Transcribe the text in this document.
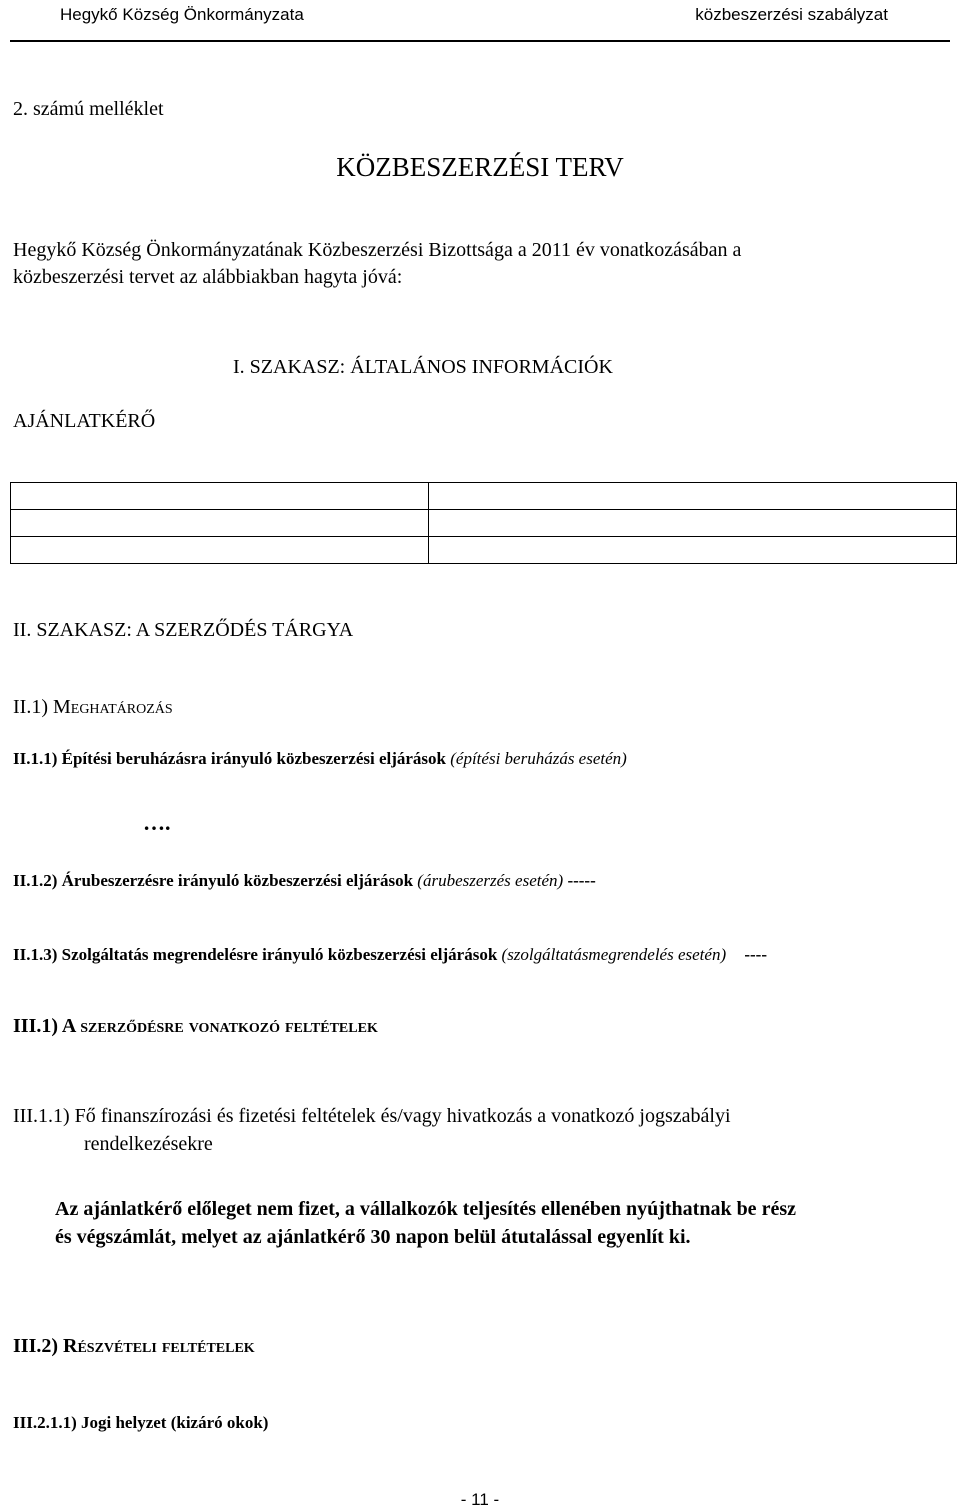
Hegykő Község Önkormányzata	közbeszerzési szabályzat
2. számú melléklet
KÖZBESZERZÉSI TERV
Hegykő Község Önkormányzatának Közbeszerzési Bizottsága a 2011 év vonatkozásában a
közbeszerzési tervet az alábbiakban hagyta jóvá:
I. SZAKASZ: ÁLTALÁNOS INFORMÁCIÓK
AJÁNLATKÉRŐ

II. SZAKASZ: A SZERZŐDÉS TÁRGYA
II.1) Meghatározás
II.1.1) Építési beruházásra irányuló közbeszerzési eljárások (építési beruházás esetén)
….
II.1.2) Árubeszerzésre irányuló közbeszerzési eljárások (árubeszerzés esetén) -----
II.1.3) Szolgáltatás megrendelésre irányuló közbeszerzési eljárások (szolgáltatásmegrendelés esetén) ----
III.1) A szerződésre vonatkozó feltételek
III.1.1) Fő finanszírozási és fizetési feltételek és/vagy hivatkozás a vonatkozó jogszabályi
rendelkezésekre
Az ajánlatkérő előleget nem fizet, a vállalkozók teljesítés ellenében nyújthatnak be rész
és végszámlát, melyet az ajánlatkérő 30 napon belül átutalással egyenlít ki.
III.2) Részvételi feltételek
III.2.1.1) Jogi helyzet (kizáró okok)
- 11 -
